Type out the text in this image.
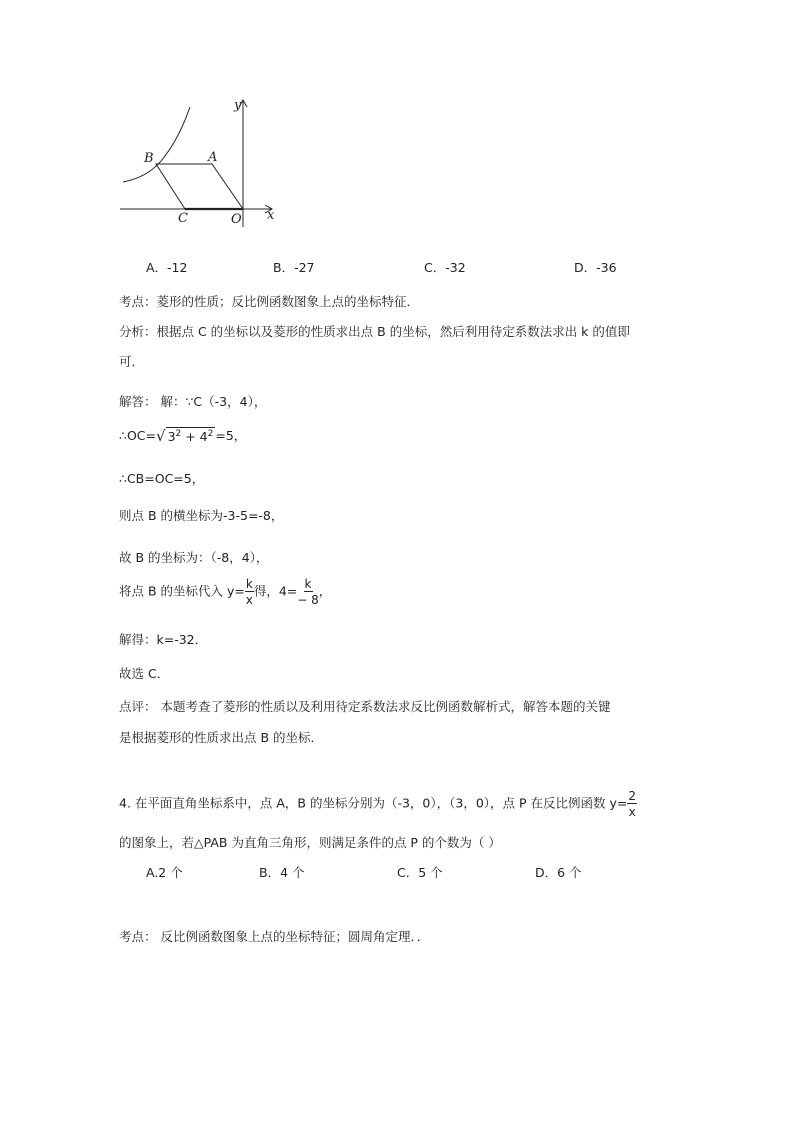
y
x
B	A
C	O
A．-12	B．-27	C．-32	D．-36
考点：菱形的性质；反比例函数图象上点的坐标特征．
分析：根据点 C 的坐标以及菱形的性质求出点 B 的坐标，然后利用待定系数法求出 k 的值即
可．
解答： 解：∵C（-3，4），
∴OC=√ $3^2 + 4^2 =5$，
∴CB=OC=5，
则点 B 的横坐标为-3-5=-8，
故 B 的坐标为：（-8，4），
将点 B 的坐标代入 $y= \frac{k}{x}$ 得，$4= \frac{k}{- 8}$ ，
解得：k=-32．
故选 C．
点评： 本题考查了菱形的性质以及利用待定系数法求反比例函数解析式，解答本题的关键
是根据菱形的性质求出点 B 的坐标．
4. 在平面直角坐标系中，点 A，B 的坐标分别为（-3，0），（3，0），点 P 在反比例函数 $y= \frac{2}{x}$
的图象上，若△PAB 为直角三角形，则满足条件的点 P 的个数为（ ）
A.2 个	B．4 个	C．5 个	D．6 个
考点： 反比例函数图象上点的坐标特征；圆周角定理．．
